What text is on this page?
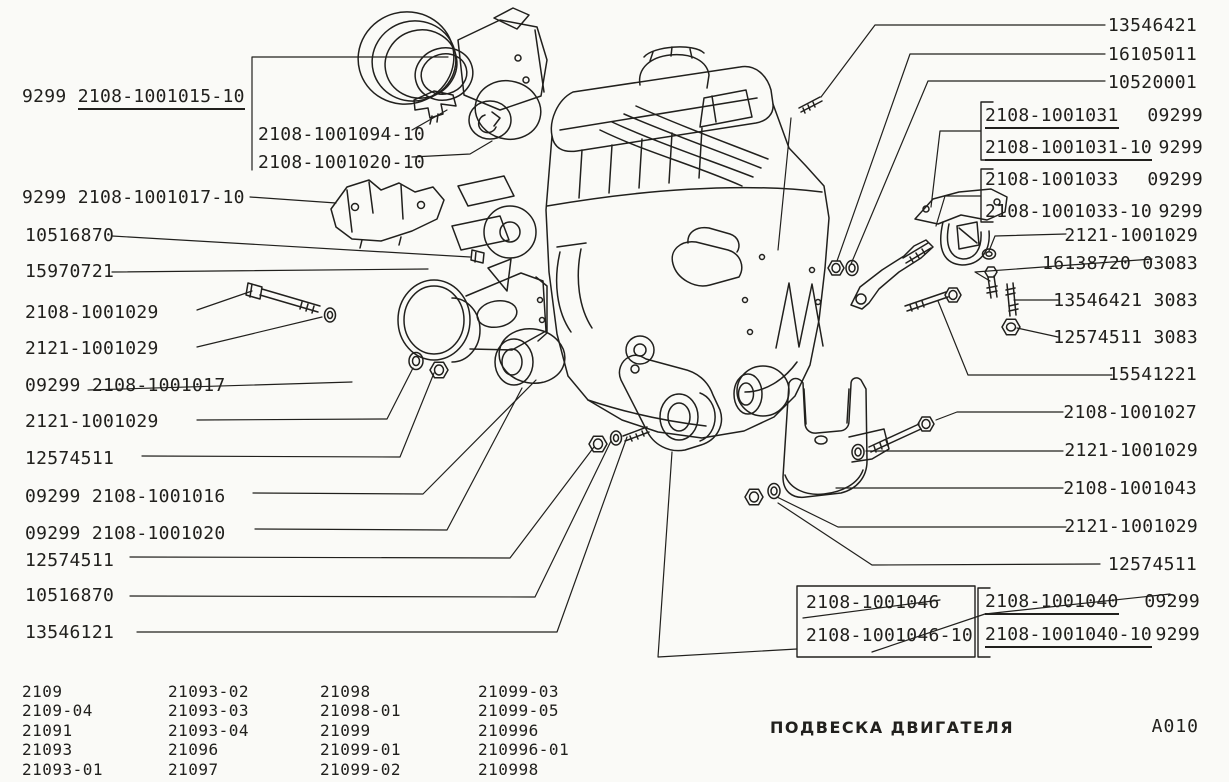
9299 2108-1001015-10
2108-1001094-10
2108-1001020-10
9299 2108-1001017-10
10516870
15970721
2108-1001029
2121-1001029
09299 2108-1001017
2121-1001029
12574511
09299 2108-1001016
09299 2108-1001020
12574511
10516870
13546121
13546421
16105011
10520001
2121-1001029
16138720 03083
13546421 3083
12574511 3083
15541221
2108-1001027
2121-1001029
2108-1001043
2121-1001029
12574511
2108-1001031 09299
2108-1001031-10 9299
2108-1001033 09299
2108-1001033-10 9299
2108-1001046
2108-1001046-10
2108-1001040 09299
2108-1001040-10 9299
2109
2109-04
21091
21093
21093-01
21093-02
21093-03
21093-04
21096
21097
21098
21098-01
21099
21099-01
21099-02
21099-03
21099-05
210996
210996-01
210998
ПОДВЕСКА ДВИГАТЕЛЯ	A010
